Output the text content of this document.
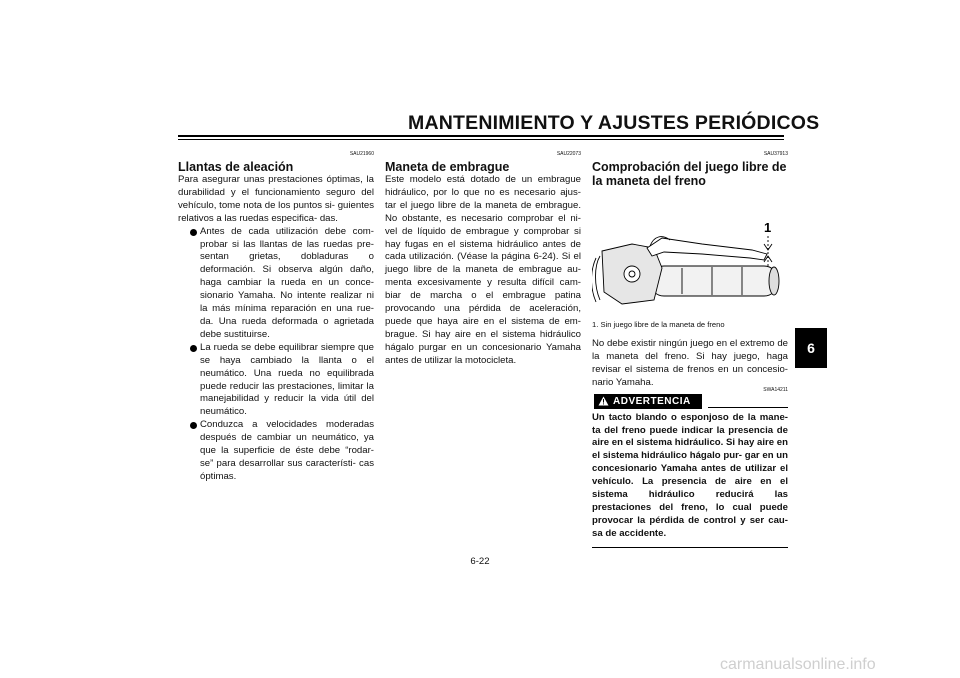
MANTENIMIENTO Y AJUSTES PERIÓDICOS
6
SAU21960
Llantas de aleación

Para asegurar unas prestaciones óptimas, la durabilidad y el funcionamiento seguro del vehículo, tome nota de los puntos si- guientes relativos a las ruedas especifica- das.

Antes de cada utilización debe com- probar si las llantas de las ruedas pre- sentan grietas, dobladuras o deformación. Si observa algún daño, haga cambiar la rueda en un conce- sionario Yamaha. No intente realizar ni la más mínima reparación en una rue- da. Una rueda deformada o agrietada debe sustituirse.
La rueda se debe equilibrar siempre que se haya cambiado la llanta o el neumático. Una rueda no equilibrada puede reducir las prestaciones, limitar la manejabilidad y reducir la vida útil del neumático.
Conduzca a velocidades moderadas después de cambiar un neumático, ya que la superficie de éste debe “rodar- se” para desarrollar sus característi- cas óptimas.
SAU22073
Maneta de embrague

Este modelo está dotado de un embrague hidráulico, por lo que no es necesario ajus- tar el juego libre de la maneta de embrague. No obstante, es necesario comprobar el ni- vel de líquido de embrague y comprobar si hay fugas en el sistema hidráulico antes de cada utilización. (Véase la página 6-24). Si el juego libre de la maneta de embrague au- menta excesivamente y resulta difícil cam- biar de marcha o el embrague patina provocando una pérdida de aceleración, puede que haya aire en el sistema de em- brague. Si hay aire en el sistema hidráulico hágalo purgar en un concesionario Yamaha antes de utilizar la motocicleta.

SAU37913
Comprobación del juego libre de la maneta del freno
1
1. Sin juego libre de la maneta de freno

No debe existir ningún juego en el extremo de la maneta del freno. Si hay juego, haga revisar el sistema de frenos en un concesio- nario Yamaha.

ADVERTENCIA
SWA14211

Un tacto blando o esponjoso de la mane- ta del freno puede indicar la presencia de aire en el sistema hidráulico. Si hay aire en el sistema hidráulico hágalo pur- gar en un concesionario Yamaha antes de utilizar el vehículo. La presencia de aire en el sistema hidráulico reducirá las prestaciones del freno, lo cual puede provocar la pérdida de control y ser cau- sa de accidente.

6-22
carmanualsonline.info
